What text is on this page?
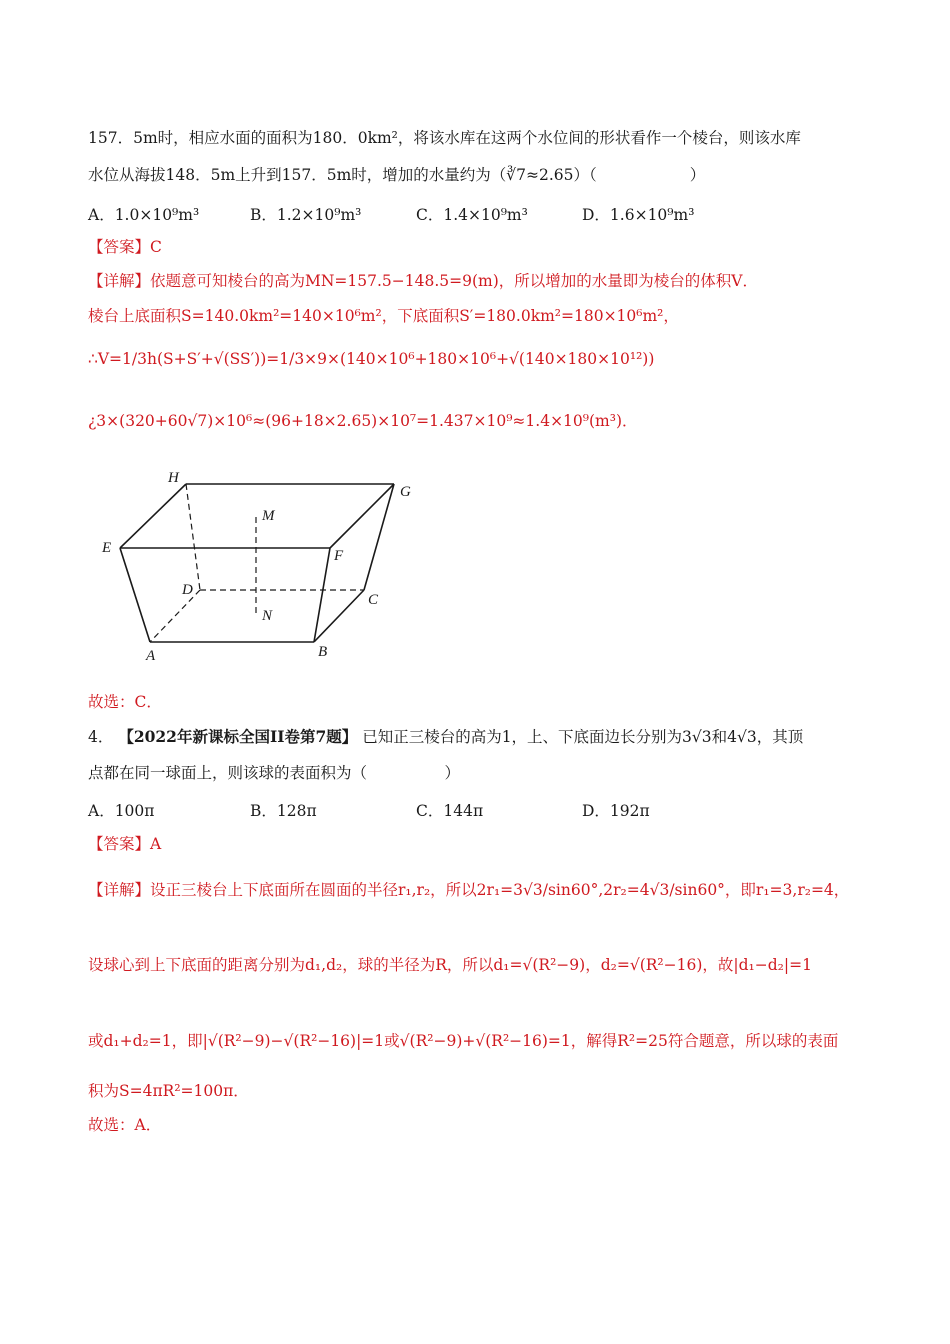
157．5m时，相应水面的面积为180．0km²，将该水库在这两个水位间的形状看作一个棱台，则该水库
水位从海拔148．5m上升到157．5m时，增加的水量约为（∛7≈2.65）（　　　　　　）
A．1.0×10⁹m³	B．1.2×10⁹m³	C．1.4×10⁹m³	D．1.6×10⁹m³
【答案】C
【详解】依题意可知棱台的高为MN=157.5−148.5=9(m)，所以增加的水量即为棱台的体积V．
棱台上底面积S=140.0km²=140×10⁶m²，下底面积S′=180.0km²=180×10⁶m²，
∴V=1/3h(S+S′+√(SS′))=1/3×9×(140×10⁶+180×10⁶+√(140×180×10¹²))
¿3×(320+60√7)×10⁶≈(96+18×2.65)×10⁷=1.437×10⁹≈1.4×10⁹(m³)．
H
G
M
E	F
D
C
N
A	B
故选：C．
4． 【2022年新课标全国II卷第7题】 已知正三棱台的高为1，上、下底面边长分别为3√3和4√3，其顶
点都在同一球面上，则该球的表面积为（　　　　　）
A．100π	B．128π	C．144π	D．192π
【答案】A
【详解】设正三棱台上下底面所在圆面的半径r₁,r₂，所以2r₁=3√3/sin60°,2r₂=4√3/sin60°，即r₁=3,r₂=4，
设球心到上下底面的距离分别为d₁,d₂，球的半径为R，所以d₁=√(R²−9)，d₂=√(R²−16)，故|d₁−d₂|=1
或d₁+d₂=1，即|√(R²−9)−√(R²−16)|=1或√(R²−9)+√(R²−16)=1，解得R²=25符合题意，所以球的表面
积为S=4πR²=100π．
故选：A．
